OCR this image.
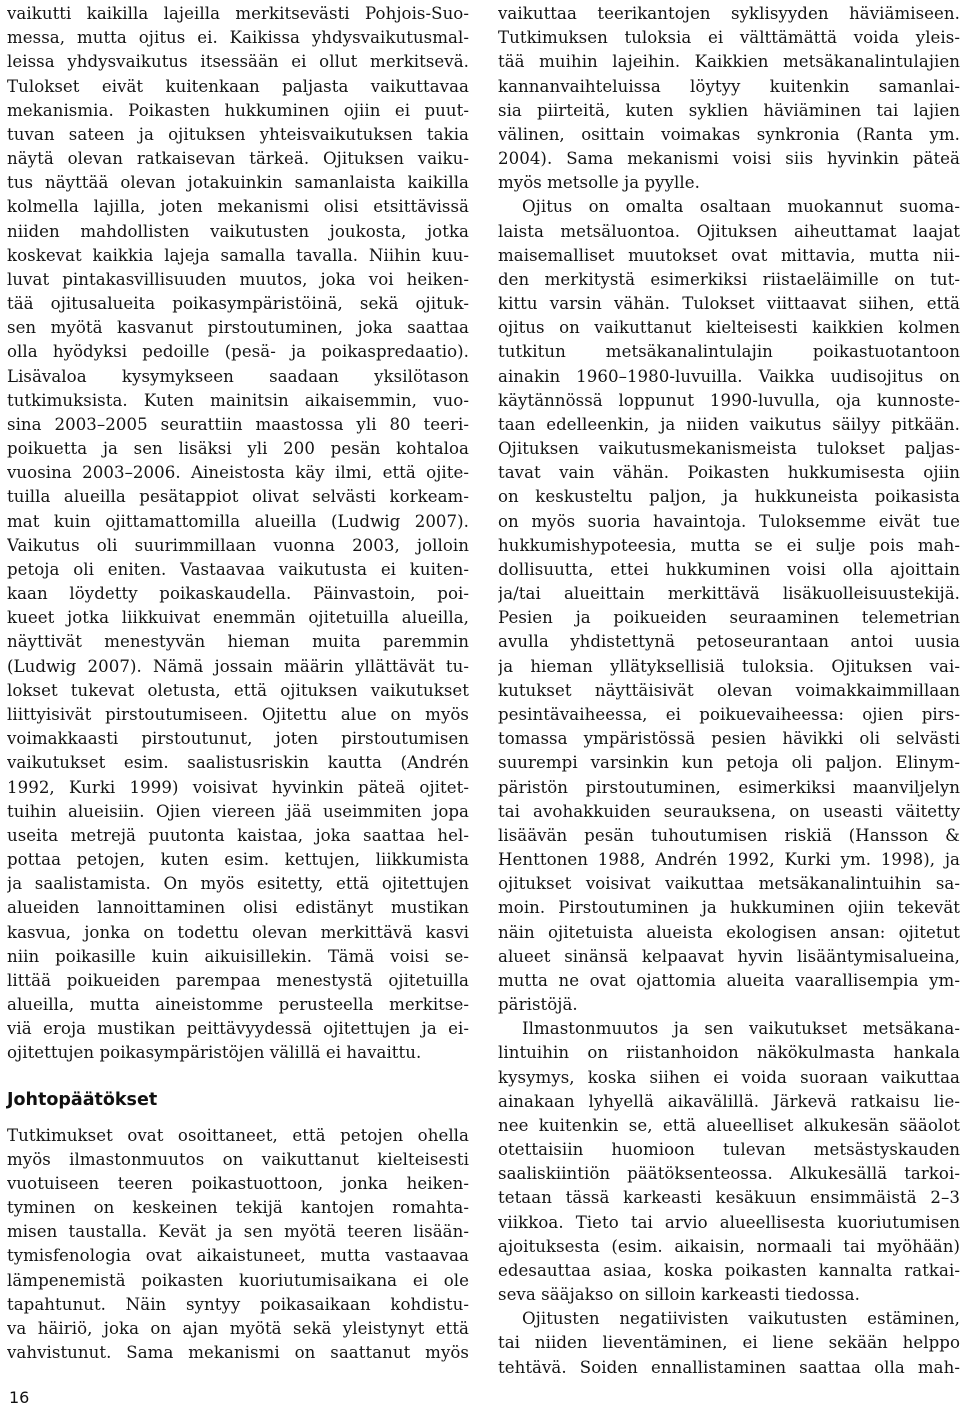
vaikutti kaikilla lajeilla merkitsevästi Pohjois-Suo-
messa, mutta ojitus ei. Kaikissa yhdysvaikutusmal-
leissa yhdysvaikutus itsessään ei ollut merkitsevä.
Tulokset eivät kuitenkaan paljasta vaikuttavaa
mekanismia. Poikasten hukkuminen ojiin ei puut-
tuvan sateen ja ojituksen yhteisvaikutuksen takia
näytä olevan ratkaisevan tärkeä. Ojituksen vaiku-
tus näyttää olevan jotakuinkin samanlaista kaikilla
kolmella lajilla, joten mekanismi olisi etsittävissä
niiden mahdollisten vaikutusten joukosta, jotka
koskevat kaikkia lajeja samalla tavalla. Niihin kuu-
luvat pintakasvillisuuden muutos, joka voi heiken-
tää ojitusalueita poikasympäristöinä, sekä ojituk-
sen myötä kasvanut pirstoutuminen, joka saattaa
olla hyödyksi pedoille (pesä- ja poikaspredaatio).
Lisävaloa kysymykseen saadaan yksilötason
tutkimuksista. Kuten mainitsin aikaisemmin, vuo-
sina 2003–2005 seurattiin maastossa yli 80 teeri-
poikuetta ja sen lisäksi yli 200 pesän kohtaloa
vuosina 2003–2006. Aineistosta käy ilmi, että ojite-
tuilla alueilla pesätappiot olivat selvästi korkeam-
mat kuin ojittamattomilla alueilla (Ludwig 2007).
Vaikutus oli suurimmillaan vuonna 2003, jolloin
petoja oli eniten. Vastaavaa vaikutusta ei kuiten-
kaan löydetty poikaskaudella. Päinvastoin, poi-
kueet jotka liikkuivat enemmän ojitetuilla alueilla,
näyttivät menestyvän hieman muita paremmin
(Ludwig 2007). Nämä jossain määrin yllättävät tu-
lokset tukevat oletusta, että ojituksen vaikutukset
liittyisivät pirstoutumiseen. Ojitettu alue on myös
voimakkaasti pirstoutunut, joten pirstoutumisen
vaikutukset esim. saalistusriskin kautta (Andrén
1992, Kurki 1999) voisivat hyvinkin päteä ojitet-
tuihin alueisiin. Ojien viereen jää useimmiten jopa
useita metrejä puutonta kaistaa, joka saattaa hel-
pottaa petojen, kuten esim. kettujen, liikkumista
ja saalistamista. On myös esitetty, että ojitettujen
alueiden lannoittaminen olisi edistänyt mustikan
kasvua, jonka on todettu olevan merkittävä kasvi
niin poikasille kuin aikuisillekin. Tämä voisi se-
littää poikueiden parempaa menestystä ojitetuilla
alueilla, mutta aineistomme perusteella merkitse-
viä eroja mustikan peittävyydessä ojitettujen ja ei-
ojitettujen poikasympäristöjen välillä ei havaittu.
Johtopäätökset
Tutkimukset ovat osoittaneet, että petojen ohella
myös ilmastonmuutos on vaikuttanut kielteisesti
vuotuiseen teeren poikastuottoon, jonka heiken-
tyminen on keskeinen tekijä kantojen romahta-
misen taustalla. Kevät ja sen myötä teeren lisään-
tymisfenologia ovat aikaistuneet, mutta vastaavaa
lämpenemistä poikasten kuoriutumisaikana ei ole
tapahtunut. Näin syntyy poikasaikaan kohdistu-
va häiriö, joka on ajan myötä sekä yleistynyt että
vahvistunut. Sama mekanismi on saattanut myös
vaikuttaa teerikantojen syklisyyden häviämiseen.
Tutkimuksen tuloksia ei välttämättä voida yleis-
tää muihin lajeihin. Kaikkien metsäkanalintulajien
kannanvaihteluissa löytyy kuitenkin samanlai-
sia piirteitä, kuten syklien häviäminen tai lajien
välinen, osittain voimakas synkronia (Ranta ym.
2004). Sama mekanismi voisi siis hyvinkin päteä
myös metsolle ja pyylle.
Ojitus on omalta osaltaan muokannut suoma-
laista metsäluontoa. Ojituksen aiheuttamat laajat
maisemalliset muutokset ovat mittavia, mutta nii-
den merkitystä esimerkiksi riistaeläimille on tut-
kittu varsin vähän. Tulokset viittaavat siihen, että
ojitus on vaikuttanut kielteisesti kaikkien kolmen
tutkitun metsäkanalintulajin poikastuotantoon
ainakin 1960–1980-luvuilla. Vaikka uudisojitus on
käytännössä loppunut 1990-luvulla, oja kunnoste-
taan edelleenkin, ja niiden vaikutus säilyy pitkään.
Ojituksen vaikutusmekanismeista tulokset paljas-
tavat vain vähän. Poikasten hukkumisesta ojiin
on keskusteltu paljon, ja hukkuneista poikasista
on myös suoria havaintoja. Tuloksemme eivät tue
hukkumishypoteesia, mutta se ei sulje pois mah-
dollisuutta, ettei hukkuminen voisi olla ajoittain
ja/tai alueittain merkittävä lisäkuolleisuustekijä.
Pesien ja poikueiden seuraaminen telemetrian
avulla yhdistettynä petoseurantaan antoi uusia
ja hieman yllätyksellisiä tuloksia. Ojituksen vai-
kutukset näyttäisivät olevan voimakkaimmillaan
pesintävaiheessa, ei poikuevaiheessa: ojien pirs-
tomassa ympäristössä pesien hävikki oli selvästi
suurempi varsinkin kun petoja oli paljon. Elinym-
päristön pirstoutuminen, esimerkiksi maanviljelyn
tai avohakkuiden seurauksena, on useasti väitetty
lisäävän pesän tuhoutumisen riskiä (Hansson &
Henttonen 1988, Andrén 1992, Kurki ym. 1998), ja
ojitukset voisivat vaikuttaa metsäkanalintuihin sa-
moin. Pirstoutuminen ja hukkuminen ojiin tekevät
näin ojitetuista alueista ekologisen ansan: ojitetut
alueet sinänsä kelpaavat hyvin lisääntymisalueina,
mutta ne ovat ojattomia alueita vaarallisempia ym-
päristöjä.
Ilmastonmuutos ja sen vaikutukset metsäkana-
lintuihin on riistanhoidon näkökulmasta hankala
kysymys, koska siihen ei voida suoraan vaikuttaa
ainakaan lyhyellä aikavälillä. Järkevä ratkaisu lie-
nee kuitenkin se, että alueelliset alkukesän sääolot
otettaisiin huomioon tulevan metsästyskauden
saaliskiintiön päätöksenteossa. Alkukesällä tarkoi-
tetaan tässä karkeasti kesäkuun ensimmäistä 2–3
viikkoa. Tieto tai arvio alueellisesta kuoriutumisen
ajoituksesta (esim. aikaisin, normaali tai myöhään)
edesauttaa asiaa, koska poikasten kannalta ratkai-
seva sääjakso on silloin karkeasti tiedossa.
Ojitusten negatiivisten vaikutusten estäminen,
tai niiden lieventäminen, ei liene sekään helppo
tehtävä. Soiden ennallistaminen saattaa olla mah-
16
